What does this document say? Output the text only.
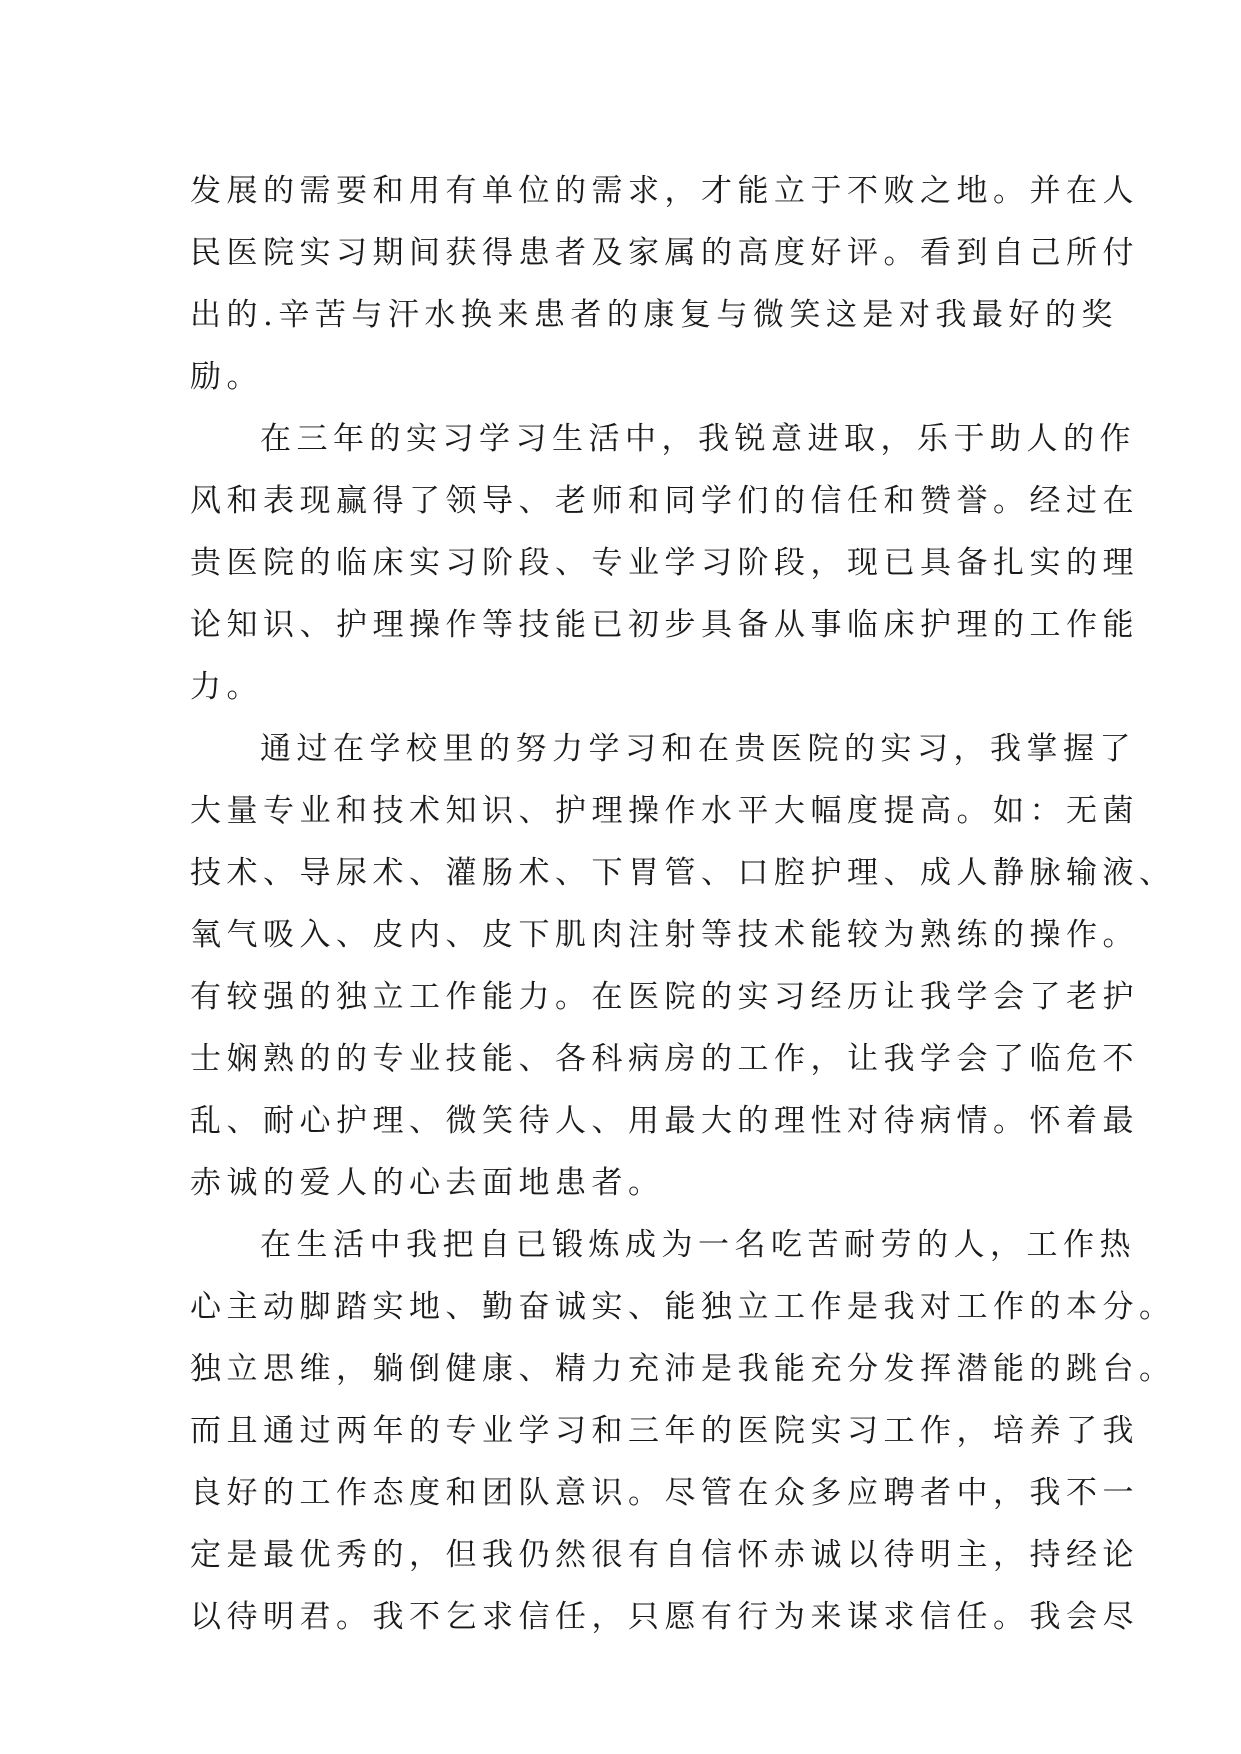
发展的需要和用有单位的需求，才能立于不败之地。并在人
民医院实习期间获得患者及家属的高度好评。看到自己所付
出的.辛苦与汗水换来患者的康复与微笑这是对我最好的奖
励。
在三年的实习学习生活中，我锐意进取，乐于助人的作
风和表现赢得了领导、老师和同学们的信任和赞誉。经过在
贵医院的临床实习阶段、专业学习阶段，现已具备扎实的理
论知识、护理操作等技能已初步具备从事临床护理的工作能
力。
通过在学校里的努力学习和在贵医院的实习，我掌握了
大量专业和技术知识、护理操作水平大幅度提高。如：无菌
技术、导尿术、灌肠术、下胃管、口腔护理、成人静脉输液、
氧气吸入、皮内、皮下肌肉注射等技术能较为熟练的操作。
有较强的独立工作能力。在医院的实习经历让我学会了老护
士娴熟的的专业技能、各科病房的工作，让我学会了临危不
乱、耐心护理、微笑待人、用最大的理性对待病情。怀着最
赤诚的爱人的心去面地患者。
在生活中我把自已锻炼成为一名吃苦耐劳的人，工作热
心主动脚踏实地、勤奋诚实、能独立工作是我对工作的本分。
独立思维，躺倒健康、精力充沛是我能充分发挥潜能的跳台。
而且通过两年的专业学习和三年的医院实习工作，培养了我
良好的工作态度和团队意识。尽管在众多应聘者中，我不一
定是最优秀的，但我仍然很有自信怀赤诚以待明主，持经论
以待明君。我不乞求信任，只愿有行为来谋求信任。我会尽
